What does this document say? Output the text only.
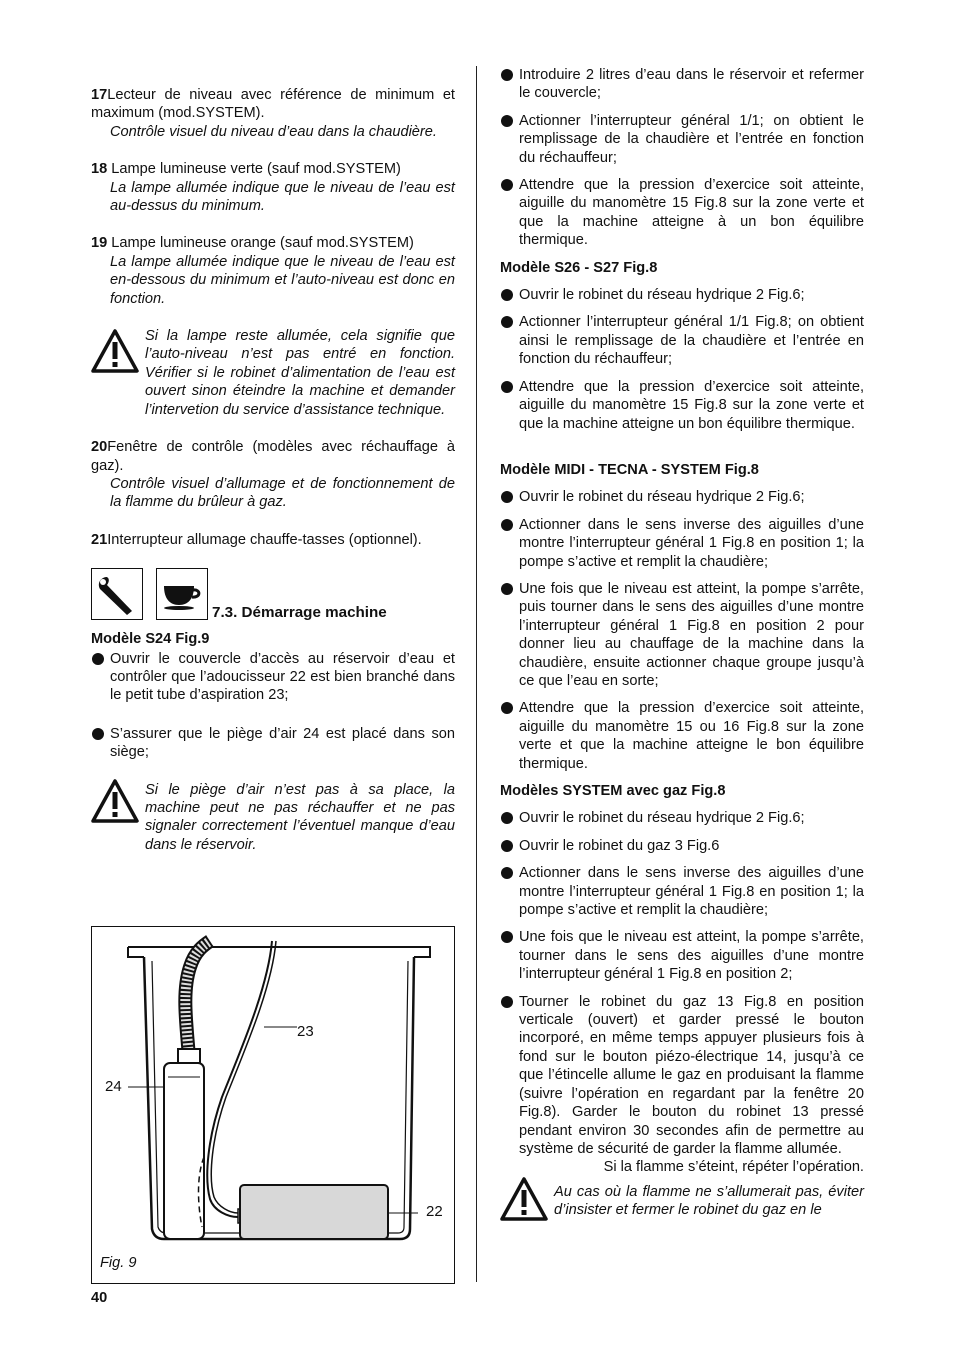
17Lecteur de niveau avec référence de minimum et maximum (mod.SYSTEM).

Contrôle visuel du niveau d’eau dans la chaudière.

18 Lampe lumineuse verte (sauf mod.SYSTEM)

La lampe allumée indique que le niveau de l’eau est au-dessus du minimum.

19 Lampe lumineuse orange (sauf mod.SYSTEM)

La lampe allumée indique que le niveau de l’eau est en-dessous du minimum et l’auto-niveau est donc en fonction.

Si la lampe reste allumée, cela signifie que l’auto-niveau n’est pas entré en fonction. Vérifier si le robinet d’alimentation de l’eau est ouvert sinon éteindre la machine et demander l’intervetion du service d’assistance technique.

20Fenêtre de contrôle (modèles avec réchauffage à gaz).

Contrôle visuel d’allumage et de fonctionnement de la flamme du brûleur à gaz.

21Interrupteur allumage chauffe-tasses (optionnel).

7.3. Démarrage machine

Modèle S24 Fig.9

Ouvrir le couvercle d’accès au réservoir d’eau et contrôler que l’adoucisseur 22 est bien branché dans le petit tube d’aspiration 23;
S’assurer que le piège d’air 24 est placé dans son siège;

Si le piège d’air n’est pas à sa place, la machine peut ne pas réchauffer et ne pas signaler correctement l’éventuel manque d’eau dans le réservoir.

23
24
22
Fig. 9
Introduire 2 litres d’eau dans le réservoir et refermer le couvercle;
Actionner l’interrupteur général 1/1; on obtient le remplissage de la chaudière et l’entrée en fonction du réchauffeur;
Attendre que la pression d’exercice soit atteinte, aiguille du manomètre 15 Fig.8 sur la zone verte et que la machine atteigne à un bon équilibre thermique.

Modèle S26 - S27 Fig.8

Ouvrir le robinet du réseau hydrique 2 Fig.6;
Actionner l’interrupteur général 1/1 Fig.8; on obtient ainsi le remplissage de la chaudière et l’entrée en fonction du réchauffeur;
Attendre que la pression d’exercice soit atteinte, aiguille du manomètre 15 Fig.8 sur la zone verte et que la machine atteigne un bon équilibre thermique.

Modèle MIDI - TECNA - SYSTEM Fig.8

Ouvrir le robinet du réseau hydrique 2 Fig.6;
Actionner dans le sens inverse des aiguilles d’une montre l’interrupteur général 1 Fig.8 en position 1; la pompe s’active et remplit la chaudière;
Une fois que le niveau est atteint, la pompe s’arrête, puis tourner dans le sens des aiguilles d’une montre l’interrupteur général 1 Fig.8 en position 2 pour donner lieu au chauffage de la machine dans la chaudière, ensuite actionner chaque groupe jusqu’à ce que l’eau en sorte;
Attendre que la pression d’exercice soit atteinte, aiguille du manomètre 15 ou 16 Fig.8 sur la zone verte et que la machine atteigne le bon équilibre thermique.

Modèles SYSTEM avec gaz Fig.8

Ouvrir le robinet du réseau hydrique 2 Fig.6;
Ouvrir le robinet du gaz 3 Fig.6
Actionner dans le sens inverse des aiguilles d’une montre l’interrupteur général 1 Fig.8 en position 1; la pompe s’active et remplit la chaudière;
Une fois que le niveau est atteint, la pompe s’arrête, tourner dans le sens des aiguilles d’une montre l’interrupteur général 1 Fig.8 en position 2;
Tourner le robinet du gaz 13 Fig.8 en position verticale (ouvert) et garder pressé le bouton incorporé, en même temps appuyer plusieurs fois à fond sur le bouton piézo-électrique 14, jusqu’à ce que l’étincelle allume le gaz en produisant la flamme (suivre l’opération en regardant par la fenêtre 20 Fig.8). Garder le bouton du robinet 13 pressé pendant environ 30 secondes afin de permettre au système de sécurité de garder la flamme allumée.

Si la flamme s’éteint, répéter l’opération.

Au cas où la flamme ne s’allumerait pas, éviter d’insister et fermer le robinet du gaz en le

40
